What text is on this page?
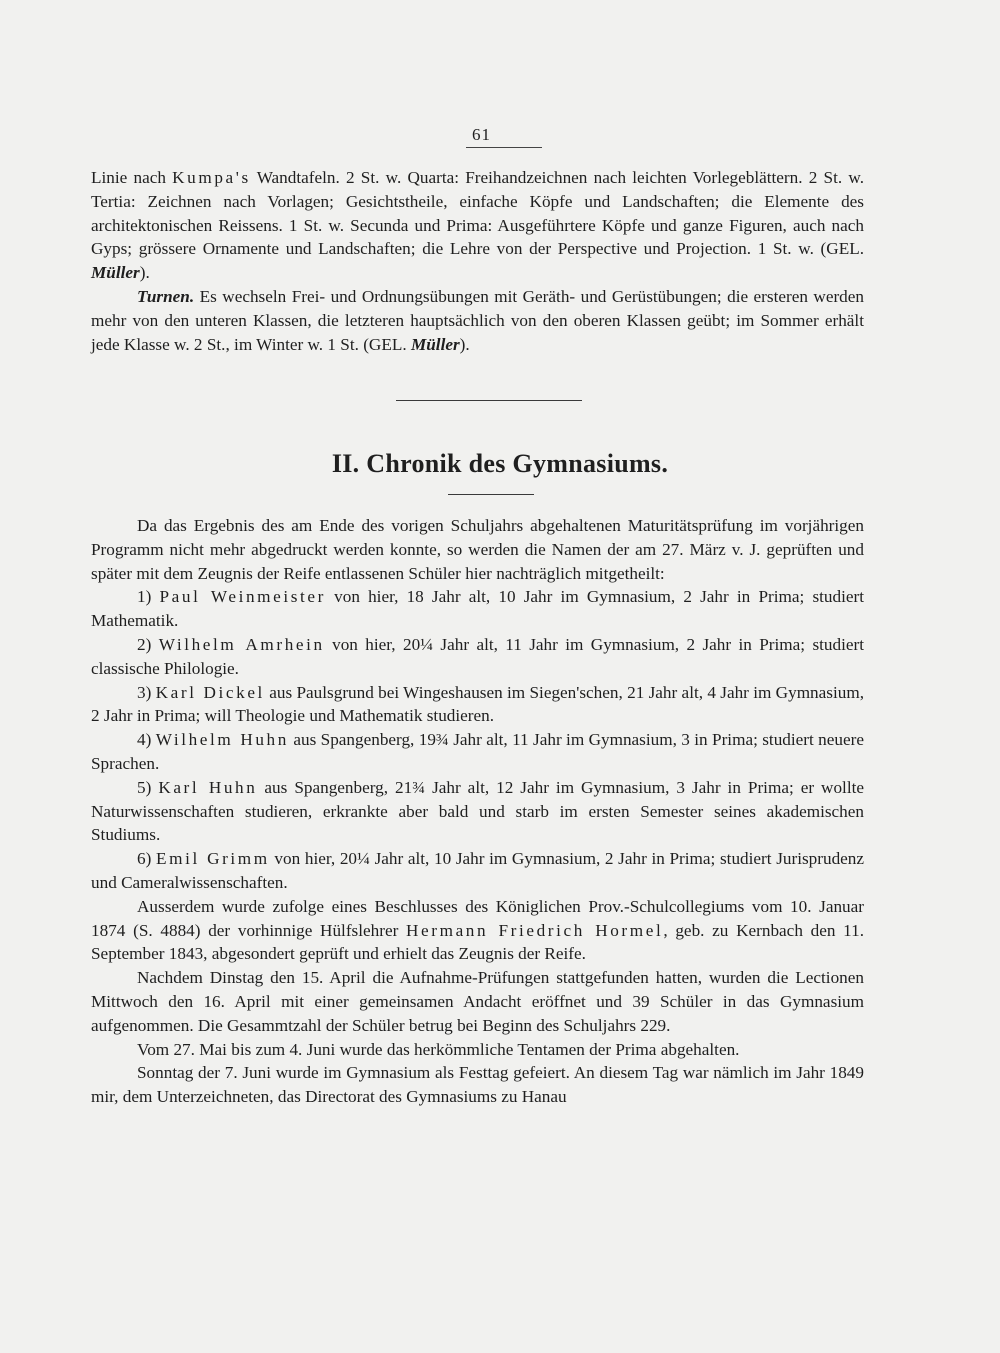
61

Linie nach Kumpa's Wandtafeln. 2 St. w. Quarta: Freihandzeichnen nach leichten Vorlegeblättern. 2 St. w. Tertia: Zeichnen nach Vorlagen; Gesichtstheile, einfache Köpfe und Landschaften; die Elemente des architektonischen Reissens. 1 St. w. Secunda und Prima: Ausgeführtere Köpfe und ganze Figuren, auch nach Gyps; grössere Ornamente und Landschaften; die Lehre von der Perspective und Projection. 1 St. w. (GEL. Müller).

Turnen. Es wechseln Frei- und Ordnungsübungen mit Geräth- und Gerüstübungen; die ersteren werden mehr von den unteren Klassen, die letzteren hauptsächlich von den oberen Klassen geübt; im Sommer erhält jede Klasse w. 2 St., im Winter w. 1 St. (GEL. Müller).

II. Chronik des Gymnasiums.

Da das Ergebnis des am Ende des vorigen Schuljahrs abgehaltenen Maturitätsprüfung im vorjährigen Programm nicht mehr abgedruckt werden konnte, so werden die Namen der am 27. März v. J. geprüften und später mit dem Zeugnis der Reife entlassenen Schüler hier nachträglich mitgetheilt:

1) Paul Weinmeister von hier, 18 Jahr alt, 10 Jahr im Gymnasium, 2 Jahr in Prima; studiert Mathematik.

2) Wilhelm Amrhein von hier, 20¼ Jahr alt, 11 Jahr im Gymnasium, 2 Jahr in Prima; studiert classische Philologie.

3) Karl Dickel aus Paulsgrund bei Wingeshausen im Siegen'schen, 21 Jahr alt, 4 Jahr im Gymnasium, 2 Jahr in Prima; will Theologie und Mathematik studieren.

4) Wilhelm Huhn aus Spangenberg, 19¾ Jahr alt, 11 Jahr im Gymnasium, 3 in Prima; studiert neuere Sprachen.

5) Karl Huhn aus Spangenberg, 21¾ Jahr alt, 12 Jahr im Gymnasium, 3 Jahr in Prima; er wollte Naturwissenschaften studieren, erkrankte aber bald und starb im ersten Semester seines akademischen Studiums.

6) Emil Grimm von hier, 20¼ Jahr alt, 10 Jahr im Gymnasium, 2 Jahr in Prima; studiert Jurisprudenz und Cameralwissenschaften.

Ausserdem wurde zufolge eines Beschlusses des Königlichen Prov.-Schulcollegiums vom 10. Januar 1874 (S. 4884) der vorhinnige Hülfslehrer Hermann Friedrich Hormel, geb. zu Kernbach den 11. September 1843, abgesondert geprüft und erhielt das Zeugnis der Reife.

Nachdem Dinstag den 15. April die Aufnahme-Prüfungen stattgefunden hatten, wurden die Lectionen Mittwoch den 16. April mit einer gemeinsamen Andacht eröffnet und 39 Schüler in das Gymnasium aufgenommen. Die Gesammtzahl der Schüler betrug bei Beginn des Schuljahrs 229.

Vom 27. Mai bis zum 4. Juni wurde das herkömmliche Tentamen der Prima abgehalten.

Sonntag der 7. Juni wurde im Gymnasium als Festtag gefeiert. An diesem Tag war nämlich im Jahr 1849 mir, dem Unterzeichneten, das Directorat des Gymnasiums zu Hanau
